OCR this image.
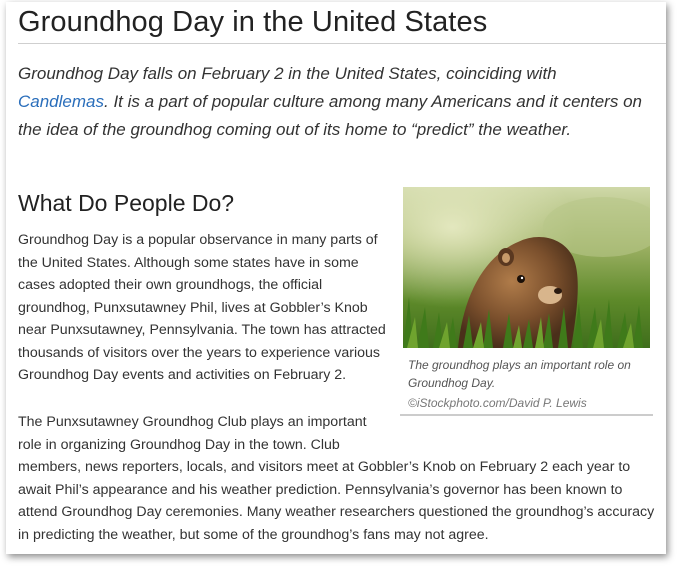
Groundhog Day in the United States

Groundhog Day falls on February 2 in the United States, coinciding with Candlemas. It is a part of popular culture among many Americans and it centers on the idea of the groundhog coming out of its home to “predict” the weather.

What Do People Do?

Groundhog Day is a popular observance in many parts of the United States. Although some states have in some cases adopted their own groundhogs, the official groundhog, Punxsutawney Phil, lives at Gobbler’s Knob near Punxsutawney, Pennsylvania. The town has attracted thousands of visitors over the years to experience various Groundhog Day events and activities on February 2.

The Punxsutawney Groundhog Club plays an important role in organizing Groundhog Day in the town. Club members, news reporters, locals, and visitors meet at Gobbler’s Knob on February 2 each year to await Phil’s appearance and his weather prediction. Pennsylvania’s governor has been known to attend Groundhog Day ceremonies. Many weather researchers questioned the groundhog’s accuracy in predicting the weather, but some of the groundhog’s fans may not agree.

The groundhog plays an important role on Groundhog Day.
©iStockphoto.com/David P. Lewis
